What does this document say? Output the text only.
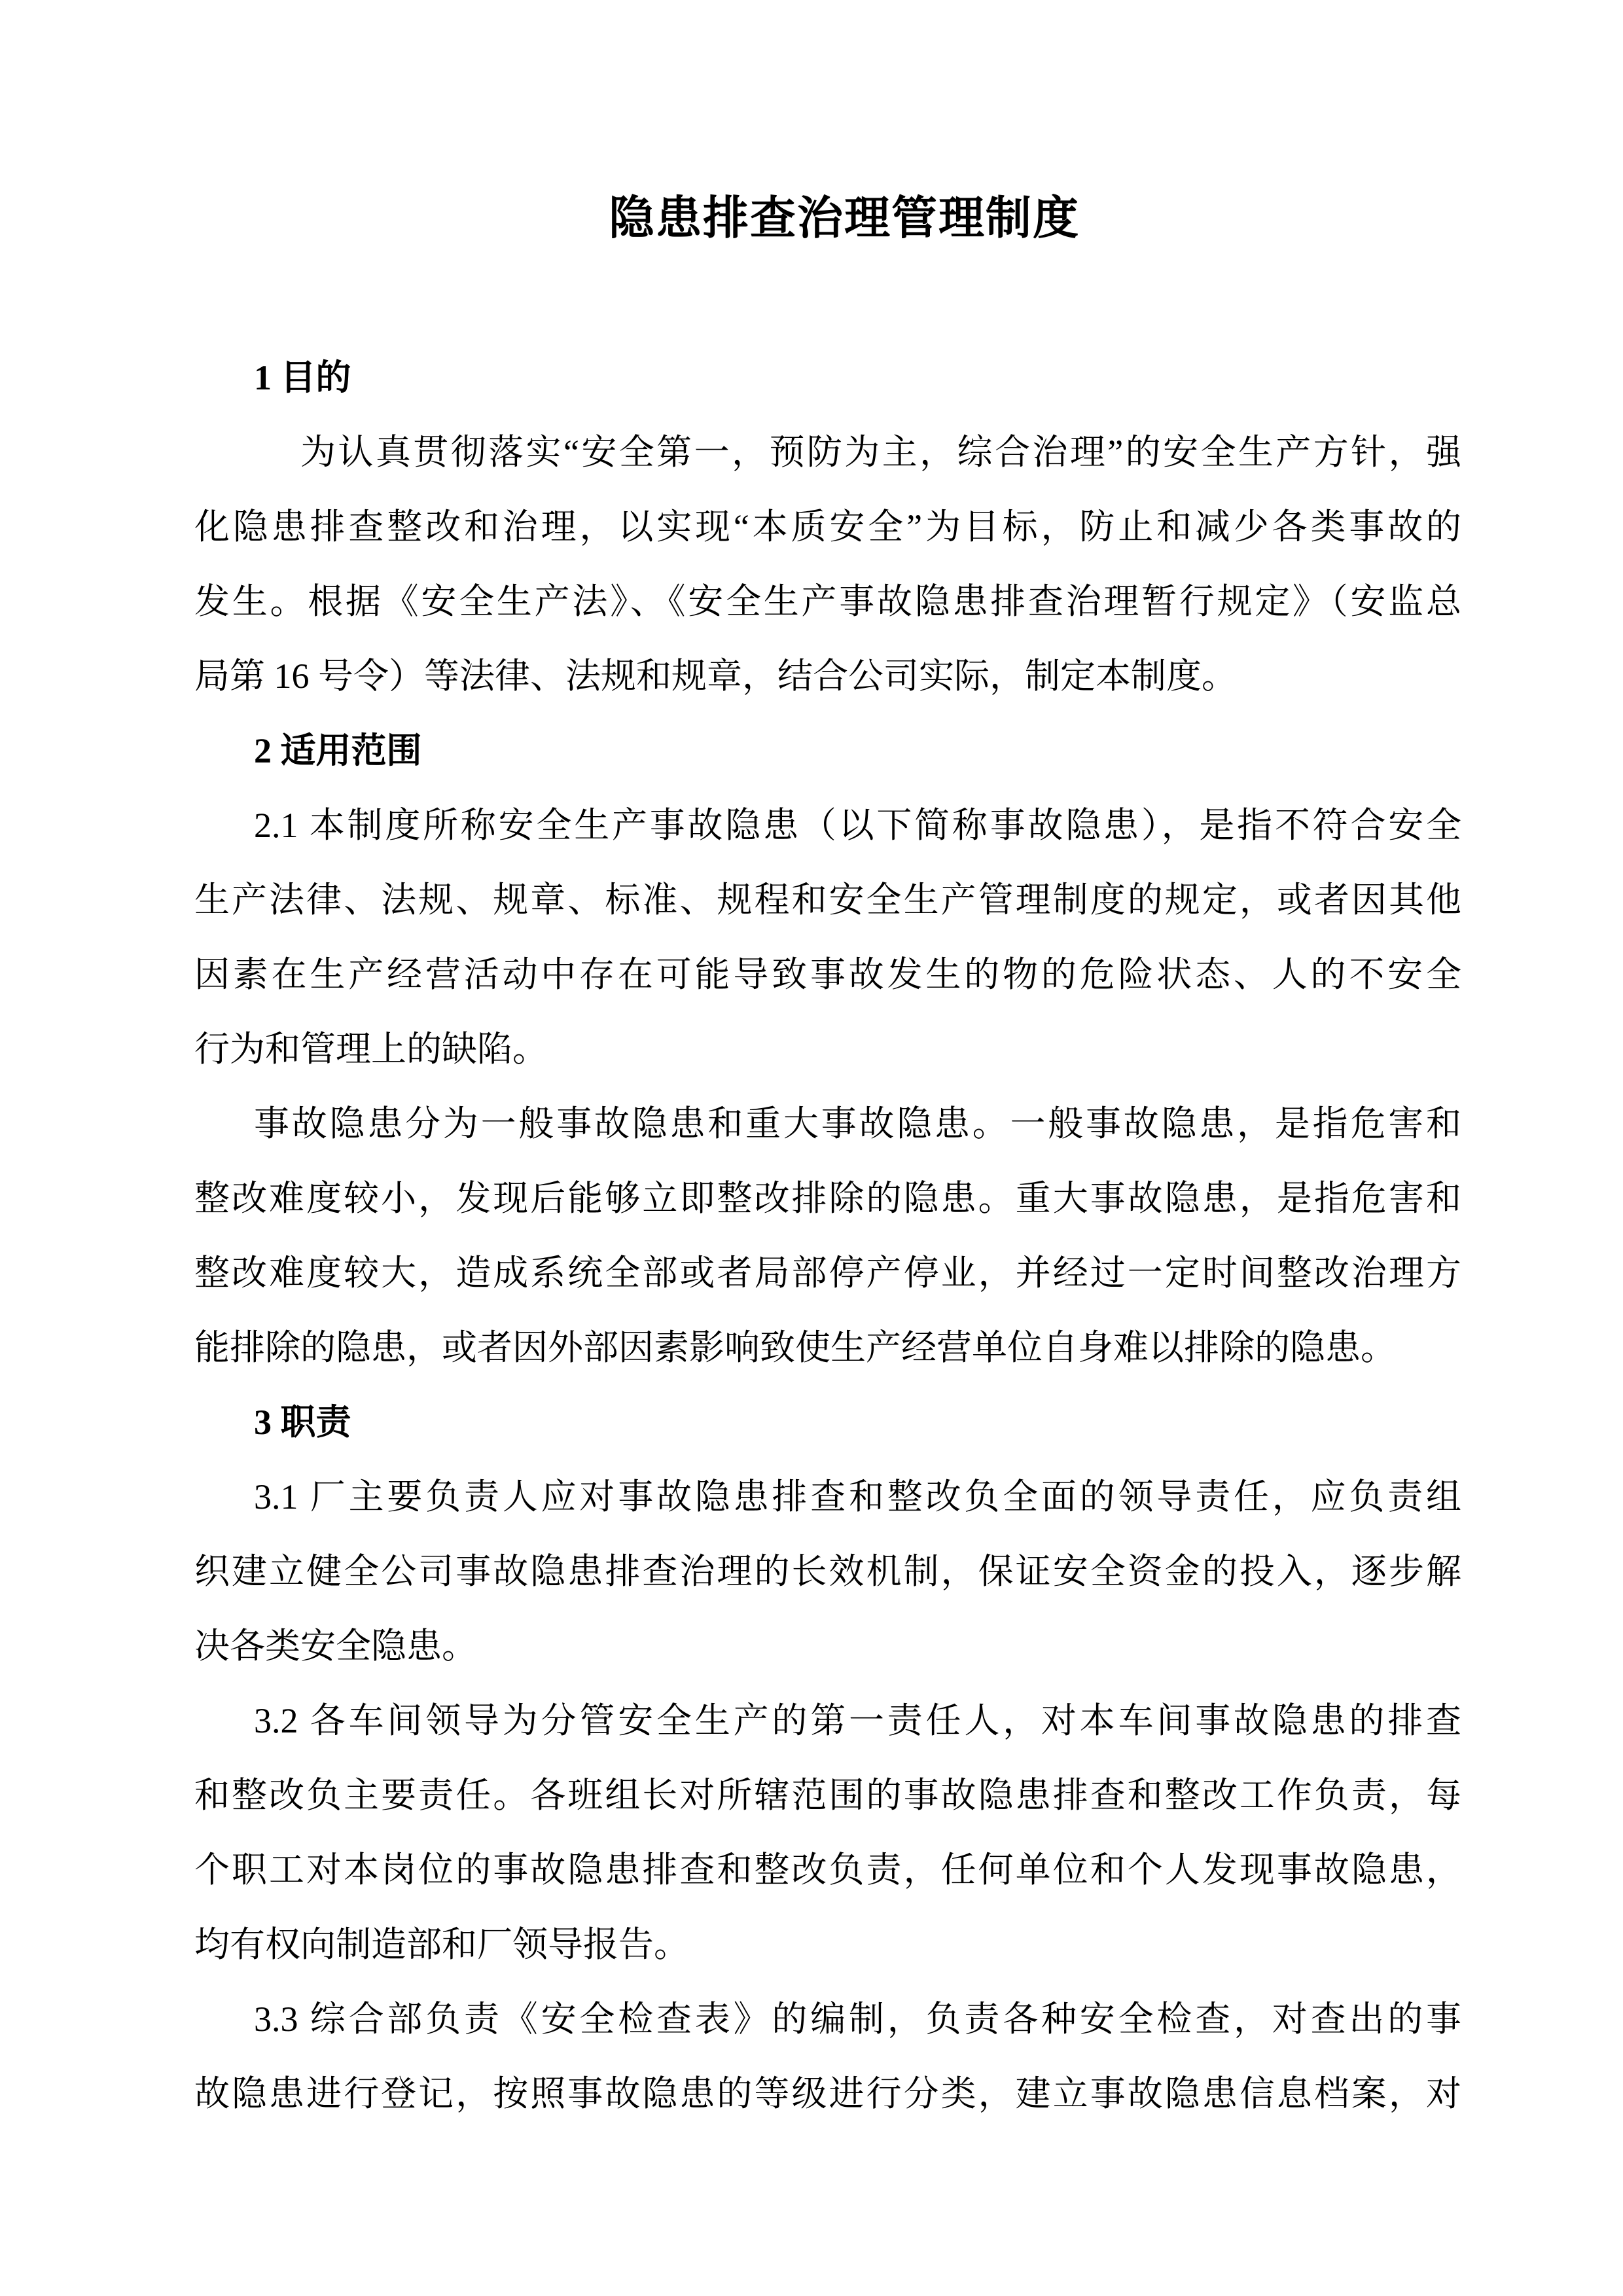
隐患排查治理管理制度
1 目的
为认真贯彻落实“安全第一，预防为主，综合治理”的安全生产方针，强
化隐患排查整改和治理，以实现“本质安全”为目标，防止和减少各类事故的
发生。根据《安全生产法》、《安全生产事故隐患排查治理暂行规定》（安监总
局第 16 号令）等法律、法规和规章，结合公司实际，制定本制度。
2 适用范围
2.1 本制度所称安全生产事故隐患（以下简称事故隐患），是指不符合安全
生产法律、法规、规章、标准、规程和安全生产管理制度的规定，或者因其他
因素在生产经营活动中存在可能导致事故发生的物的危险状态、人的不安全
行为和管理上的缺陷。
事故隐患分为一般事故隐患和重大事故隐患。一般事故隐患，是指危害和
整改难度较小，发现后能够立即整改排除的隐患。重大事故隐患，是指危害和
整改难度较大，造成系统全部或者局部停产停业，并经过一定时间整改治理方
能排除的隐患，或者因外部因素影响致使生产经营单位自身难以排除的隐患。
3 职责
3.1 厂主要负责人应对事故隐患排查和整改负全面的领导责任，应负责组
织建立健全公司事故隐患排查治理的长效机制，保证安全资金的投入，逐步解
决各类安全隐患。
3.2 各车间领导为分管安全生产的第一责任人，对本车间事故隐患的排查
和整改负主要责任。各班组长对所辖范围的事故隐患排查和整改工作负责，每
个职工对本岗位的事故隐患排查和整改负责，任何单位和个人发现事故隐患，
均有权向制造部和厂领导报告。
3.3 综合部负责《安全检查表》的编制，负责各种安全检查，对查出的事
故隐患进行登记，按照事故隐患的等级进行分类，建立事故隐患信息档案，对
